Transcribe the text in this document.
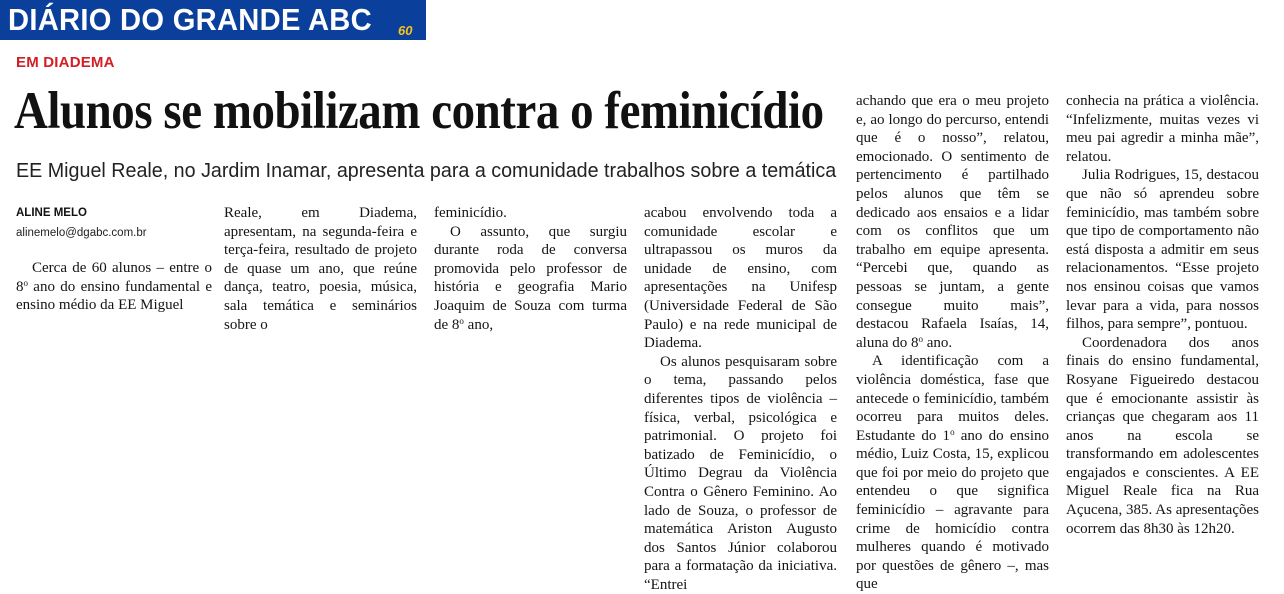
DIÁRIO DO GRANDE ABC 60
EM DIADEMA
Alunos se mobilizam contra o feminicídio
EE Miguel Reale, no Jardim Inamar, apresenta para a comunidade trabalhos sobre a temática
ALINE MELO
alinemelo@dgabc.com.br

Cerca de 60 alunos – entre o 8$^o$ ano do ensino fundamental e ensino médio da EE Miguel

Reale, em Diadema, apresentam, na segunda-feira e terça-feira, resultado de projeto de quase um ano, que reúne dança, teatro, poesia, música, sala temática e seminários sobre o

feminicídio.

O assunto, que surgiu durante roda de conversa promovida pelo professor de história e geografia Mario Joaquim de Souza com turma de 8$^o$ ano,

acabou envolvendo toda a comunidade escolar e ultrapassou os muros da unidade de ensino, com apresentações na Unifesp (Universidade Federal de São Paulo) e na rede municipal de Diadema.

Os alunos pesquisaram sobre o tema, passando pelos diferentes tipos de violência – física, verbal, psicológica e patrimonial. O projeto foi batizado de Feminicídio, o Último Degrau da Violência Contra o Gênero Feminino. Ao lado de Souza, o professor de matemática Ariston Augusto dos Santos Júnior colaborou para a formatação da iniciativa. “Entrei

achando que era o meu projeto e, ao longo do percurso, entendi que é o nosso”, relatou, emocionado. O sentimento de pertencimento é partilhado pelos alunos que têm se dedicado aos ensaios e a lidar com os conflitos que um trabalho em equipe apresenta. “Percebi que, quando as pessoas se juntam, a gente consegue muito mais”, destacou Rafaela Isaías, 14, aluna do 8$^o$ ano.

A identificação com a violência doméstica, fase que antecede o feminicídio, também ocorreu para muitos deles. Estudante do 1$^o$ ano do ensino médio, Luiz Costa, 15, explicou que foi por meio do projeto que entendeu o que significa feminicídio – agravante para crime de homicídio contra mulheres quando é motivado por questões de gênero –, mas que

conhecia na prática a violência. “Infelizmente, muitas vezes vi meu pai agredir a minha mãe”, relatou.

Julia Rodrigues, 15, destacou que não só aprendeu sobre feminicídio, mas também sobre que tipo de comportamento não está disposta a admitir em seus relacionamentos. “Esse projeto nos ensinou coisas que vamos levar para a vida, para nossos filhos, para sempre”, pontuou.

Coordenadora dos anos finais do ensino fundamental, Rosyane Figueiredo destacou que é emocionante assistir às crianças que chegaram aos 11 anos na escola se transformando em adolescentes engajados e conscientes. A EE Miguel Reale fica na Rua Açucena, 385. As apresentações ocorrem das 8h30 às 12h20.
